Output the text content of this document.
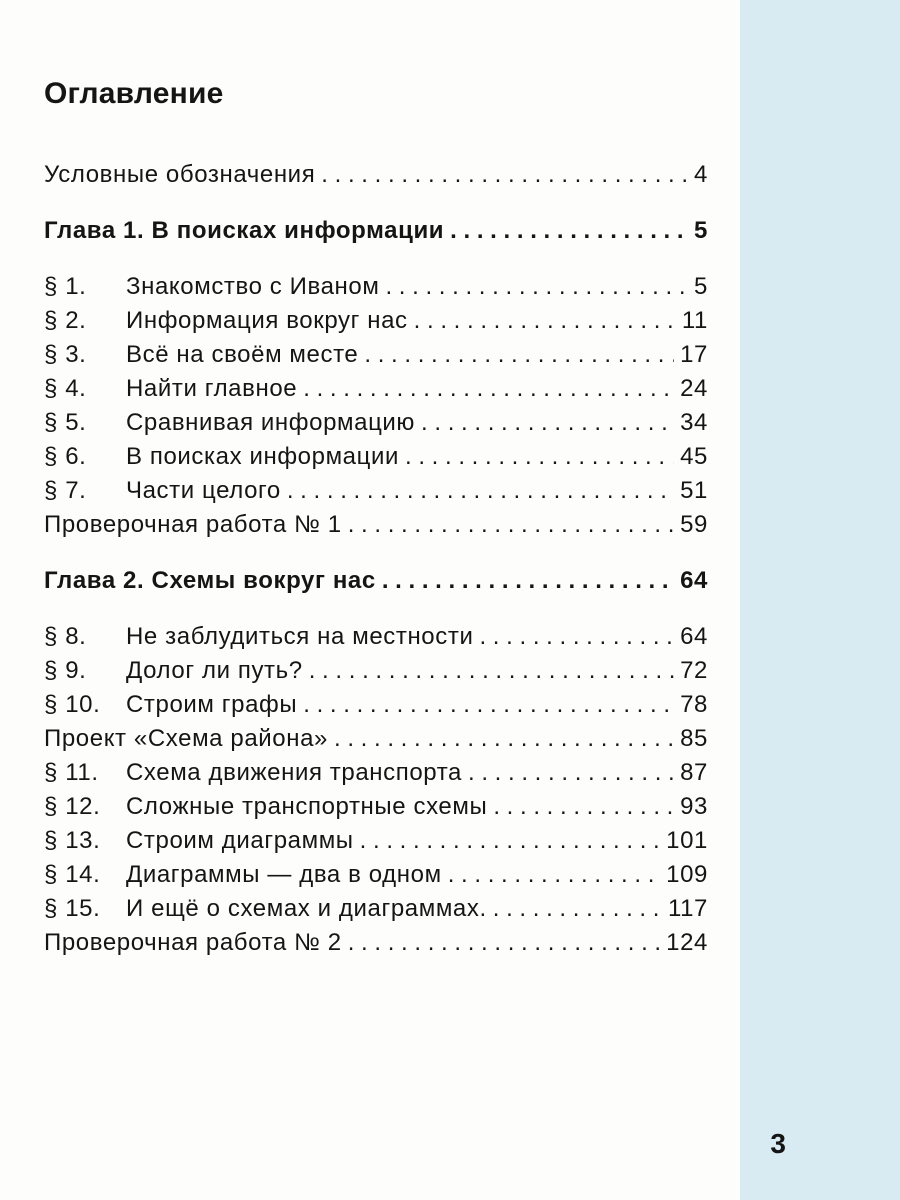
Оглавление
Условные обозначения . . .	4
Глава 1. В поисках информации . . .	5
§ 1.	Знакомство с Иваном . . .	5
§ 2.	Информация вокруг нас . . .	11
§ 3.	Всё на своём месте . . .	17
§ 4.	Найти главное . . .	24
§ 5.	Сравнивая информацию . . .	34
§ 6.	В поисках информации . . .	45
§ 7.	Части целого . . .	51
Проверочная работа № 1 . . .	59
Глава 2. Схемы вокруг нас . . .	64
§ 8.	Не заблудиться на местности . . .	64
§ 9.	Долог ли путь? . . .	72
§ 10.	Строим графы . . .	78
Проект «Схема района» . . .	85
§ 11.	Схема движения транспорта . . .	87
§ 12.	Сложные транспортные схемы . . .	93
§ 13.	Строим диаграммы . . .	101
§ 14.	Диаграммы — два в одном . . .	109
§ 15.	И ещё о схемах и диаграммах. . . .	117
Проверочная работа № 2 . . .	124
3
